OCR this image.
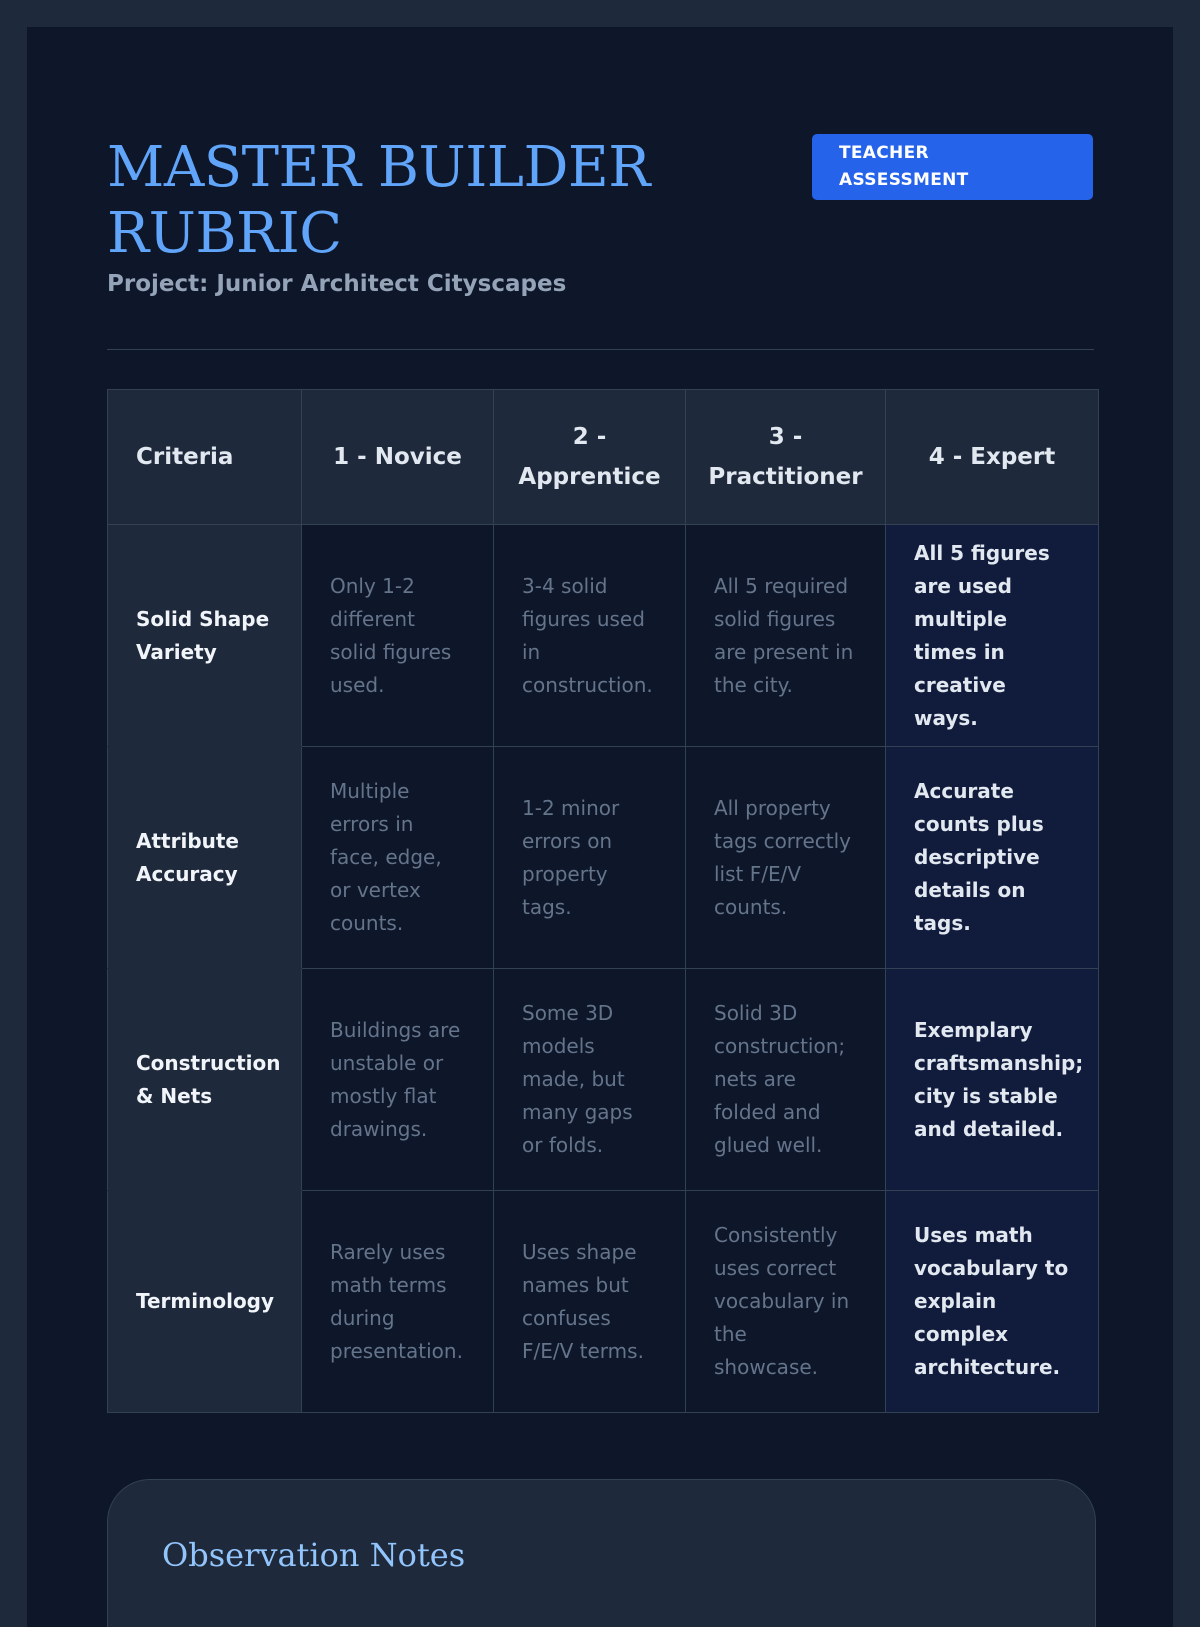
MASTER BUILDER RUBRIC
Project: Junior Architect Cityscapes
TEACHER ASSESSMENT
Criteria	1 - Novice	2 - Apprentice	3 - Practitioner	4 - Expert
Solid Shape Variety	Only 1-2 different solid figures used.	3-4 solid figures used in construction.	All 5 required solid figures are present in the city.	All 5 figures are used multiple times in creative ways.
Attribute Accuracy	Multiple errors in face, edge, or vertex counts.	1-2 minor errors on property tags.	All property tags correctly list F/E/V counts.	Accurate counts plus descriptive details on tags.
Construction & Nets	Buildings are unstable or mostly flat drawings.	Some 3D models made, but many gaps or folds.	Solid 3D construction; nets are folded and glued well.	Exemplary craftsmanship; city is stable and detailed.
Terminology	Rarely uses math terms during presentation.	Uses shape names but confuses F/E/V terms.	Consistently uses correct vocabulary in the showcase.	Uses math vocabulary to explain complex architecture.
Observation Notes
